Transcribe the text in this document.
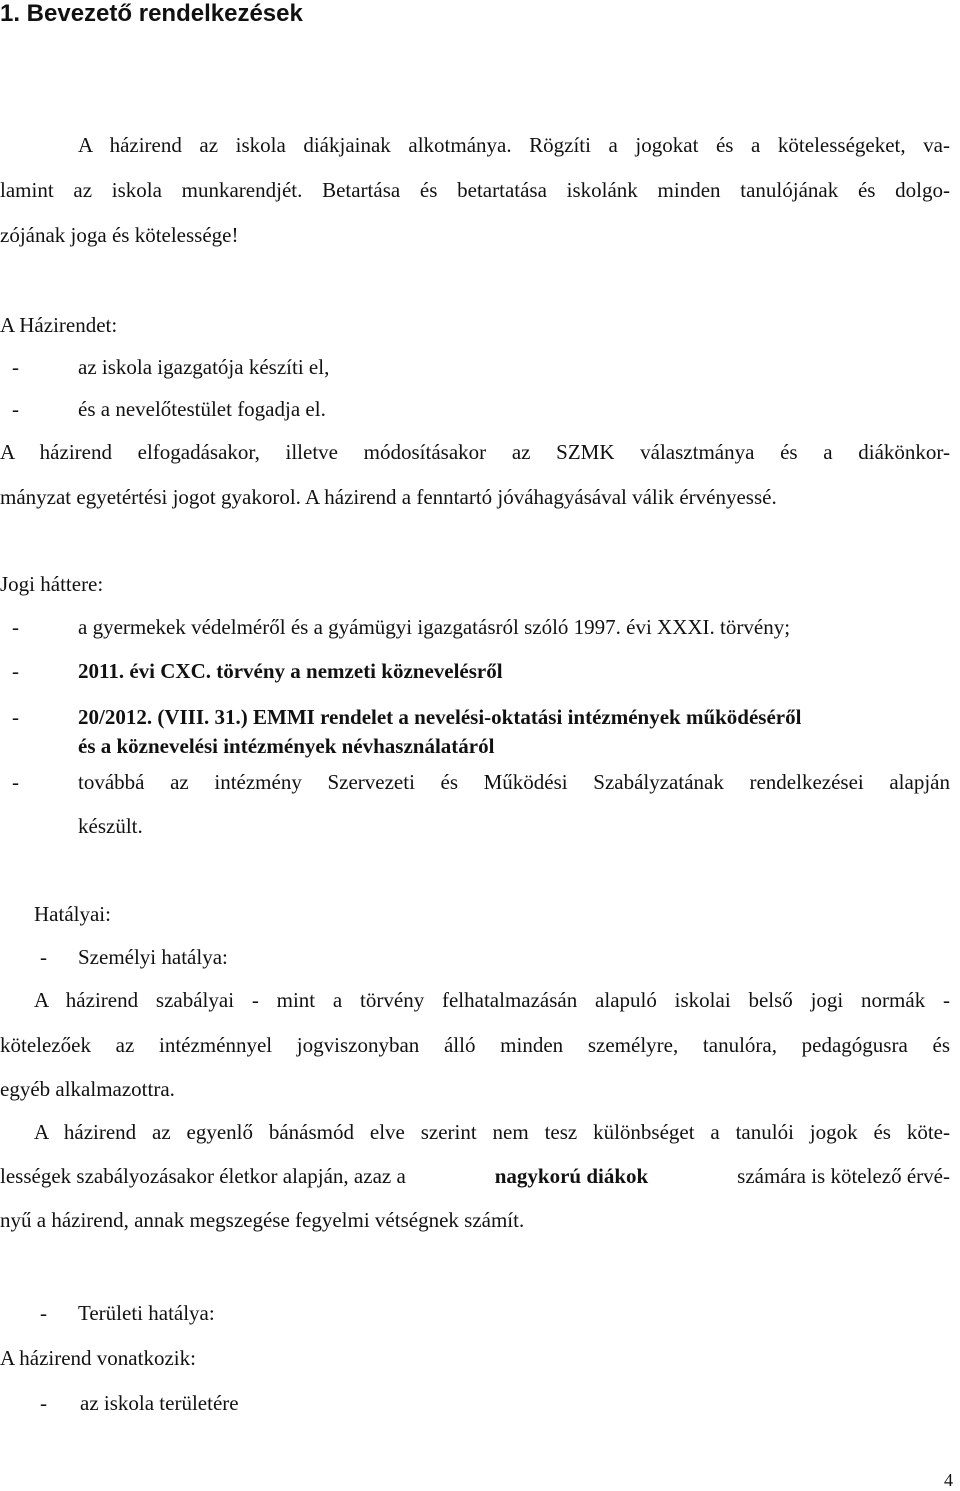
1. Bevezető rendelkezések
A házirend az iskola diákjainak alkotmánya. Rögzíti a jogokat és a kötelességeket, va-
lamint az iskola munkarendjét. Betartása és betartatása iskolánk minden tanulójának és dolgo-
zójának joga és kötelessége!
A Házirendet:
-	az iskola igazgatója készíti el,
-	és a nevelőtestület fogadja el.
A házirend elfogadásakor, illetve módosításakor az SZMK választmánya és a diákönkor-
mányzat egyetértési jogot gyakorol. A házirend a fenntartó jóváhagyásával válik érvényessé.
Jogi háttere:
-	a gyermekek védelméről és a gyámügyi igazgatásról szóló 1997. évi XXXI. törvény;
-	2011. évi CXC. törvény a nemzeti köznevelésről
-	20/2012. (VIII. 31.) EMMI rendelet a nevelési-oktatási intézmények működéséről
és a köznevelési intézmények névhasználatáról
-	továbbá az intézmény Szervezeti és Működési Szabályzatának rendelkezései alapján
készült.
Hatályai:
- Személyi hatálya:
A házirend szabályai - mint a törvény felhatalmazásán alapuló iskolai belső jogi normák -
kötelezőek az intézménnyel jogviszonyban álló minden személyre, tanulóra, pedagógusra és
egyéb alkalmazottra.
A házirend az egyenlő bánásmód elve szerint nem tesz különbséget a tanulói jogok és köte-
lességek szabályozásakor életkor alapján, azaz a	nagykorú diákok	számára is kötelező érvé-
nyű a házirend, annak megszegése fegyelmi vétségnek számít.
- Területi hatálya:
A házirend vonatkozik:
- az iskola területére
4
